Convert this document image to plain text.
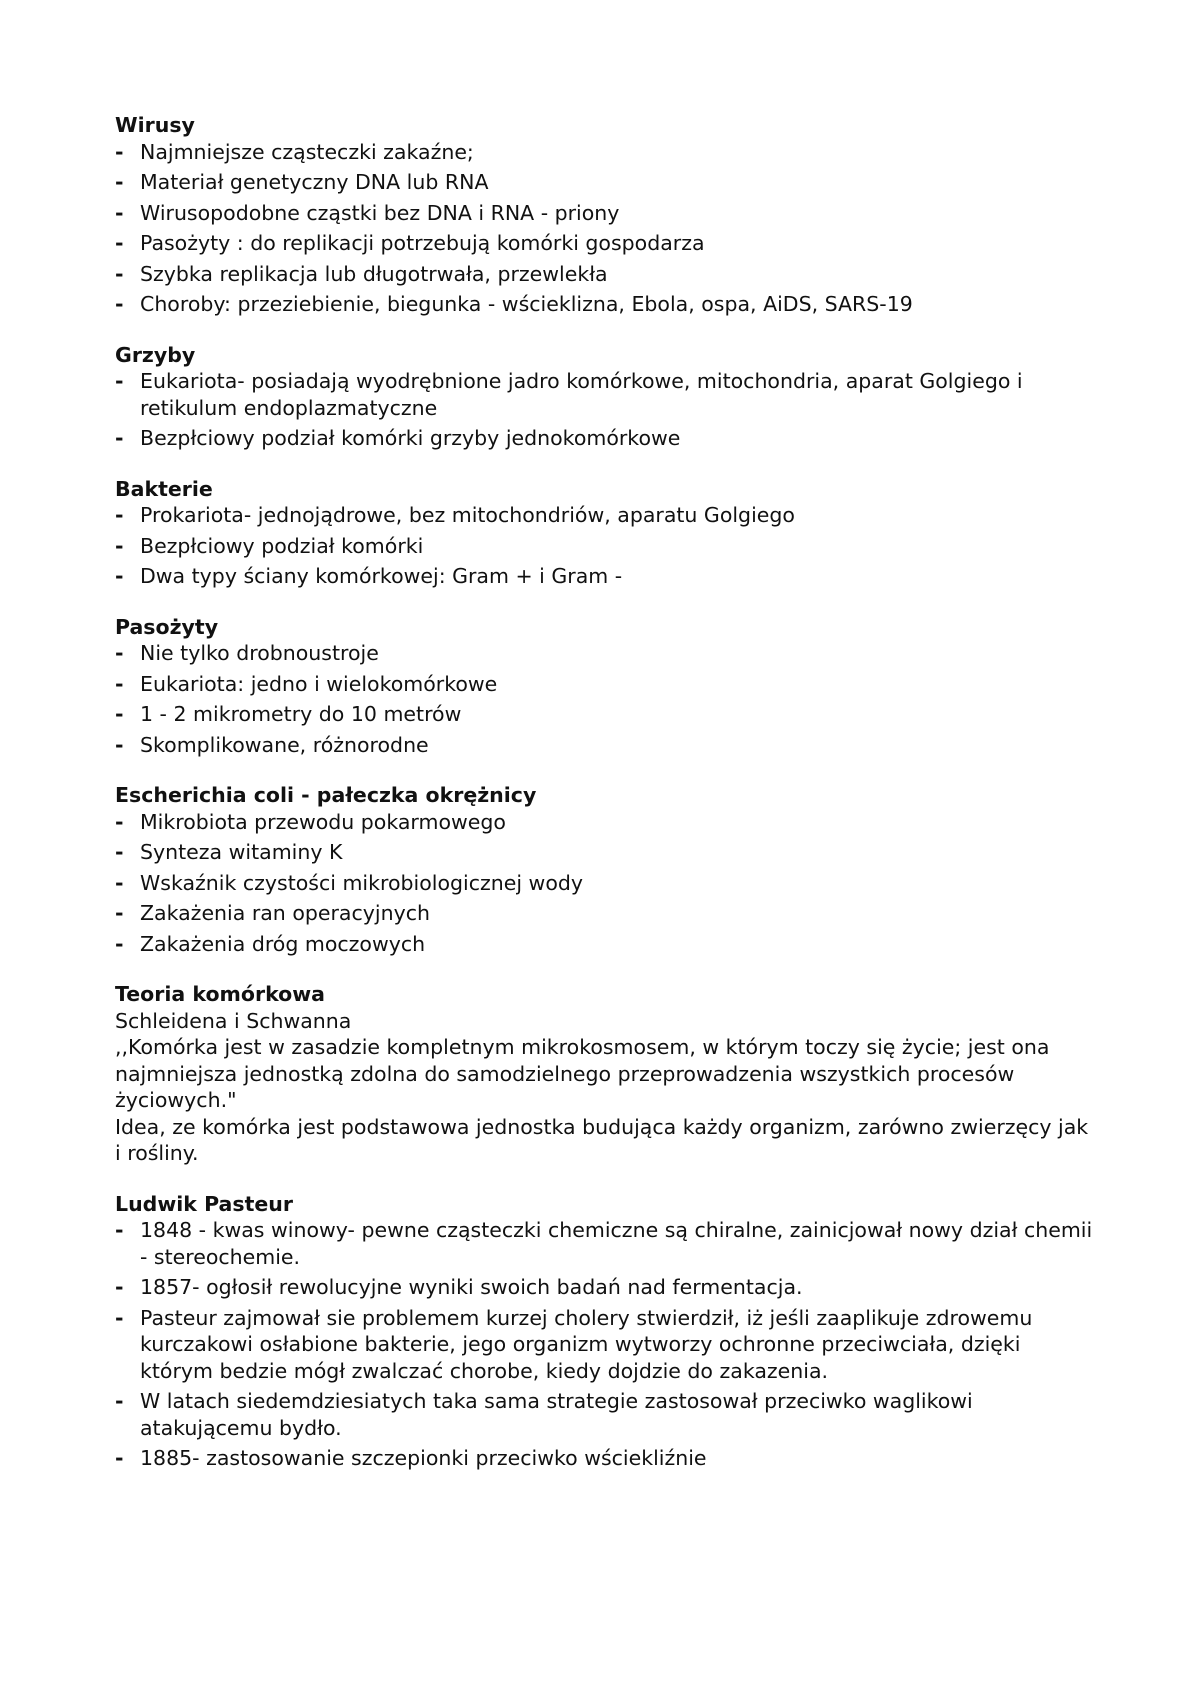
Wirusy

- Najmniejsze cząsteczki zakaźne;
- Materiał genetyczny DNA lub RNA
- Wirusopodobne cząstki bez DNA i RNA - priony
- Pasożyty : do replikacji potrzebują komórki gospodarza
- Szybka replikacja lub długotrwała, przewlekła
- Choroby: przeziebienie, biegunka - wścieklizna, Ebola, ospa, AiDS, SARS-19

Grzyby

- Eukariota- posiadają wyodrębnione jadro komórkowe, mitochondria, aparat Golgiego i retikulum endoplazmatyczne
- Bezpłciowy podział komórki grzyby jednokomórkowe

Bakterie

- Prokariota- jednojądrowe, bez mitochondriów, aparatu Golgiego
- Bezpłciowy podział komórki
- Dwa typy ściany komórkowej: Gram + i Gram -

Pasożyty

- Nie tylko drobnoustroje
- Eukariota: jedno i wielokomórkowe
- 1 - 2 mikrometry do 10 metrów
- Skomplikowane, różnorodne

Escherichia coli - pałeczka okrężnicy

- Mikrobiota przewodu pokarmowego
- Synteza witaminy K
- Wskaźnik czystości mikrobiologicznej wody
- Zakażenia ran operacyjnych
- Zakażenia dróg moczowych

Teoria komórkowa

Schleidena i Schwanna

,,Komórka jest w zasadzie kompletnym mikrokosmosem, w którym toczy się życie; jest ona

najmniejsza jednostką zdolna do samodzielnego przeprowadzenia wszystkich procesów

życiowych."

Idea, ze komórka jest podstawowa jednostka budująca każdy organizm, zarówno zwierzęcy jak i rośliny.

Ludwik Pasteur

- 1848 - kwas winowy- pewne cząsteczki chemiczne są chiralne, zainicjował nowy dział chemii - stereochemie.
- 1857- ogłosił rewolucyjne wyniki swoich badań nad fermentacja.
- Pasteur zajmował sie problemem kurzej cholery stwierdził, iż jeśli zaaplikuje zdrowemu kurczakowi osłabione bakterie, jego organizm wytworzy ochronne przeciwciała, dzięki którym bedzie mógł zwalczać chorobe, kiedy dojdzie do zakazenia.
- W latach siedemdziesiatych taka sama strategie zastosował przeciwko waglikowi atakującemu bydło.
- 1885- zastosowanie szczepionki przeciwko wściekliźnie
